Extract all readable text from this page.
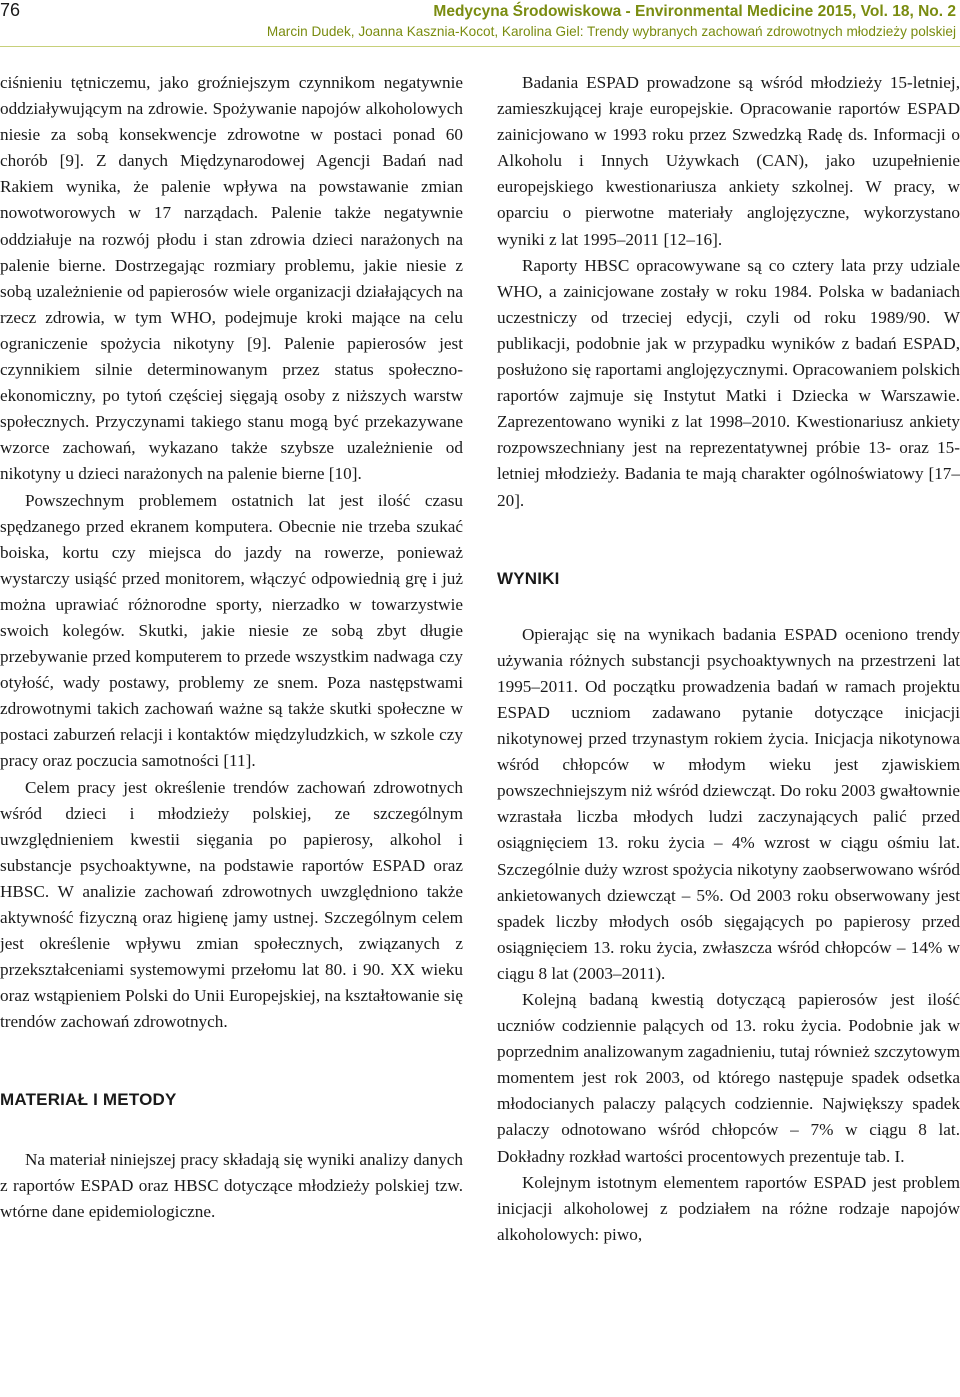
76	Medycyna Środowiskowa - Environmental Medicine 2015, Vol. 18, No. 2
Marcin Dudek, Joanna Kasznia-Kocot, Karolina Giel: Trendy wybranych zachowań zdrowotnych młodzieży polskiej

ciśnieniu tętniczemu, jako groźniejszym czynnikom negatywnie oddziaływującym na zdrowie. Spożywanie napojów alkoholowych niesie za sobą konsekwencje zdrowotne w postaci ponad 60 chorób [9]. Z danych Międzynarodowej Agencji Badań nad Rakiem wynika, że palenie wpływa na powstawanie zmian nowotworowych w 17 narządach. Palenie także negatywnie oddziałuje na rozwój płodu i stan zdrowia dzieci narażonych na palenie bierne. Dostrzegając rozmiary problemu, jakie niesie z sobą uzależnienie od papierosów wiele organizacji działających na rzecz zdrowia, w tym WHO, podejmuje kroki mające na celu ograniczenie spożycia nikotyny [9]. Palenie papierosów jest czynnikiem silnie determinowanym przez status społeczno-ekonomiczny, po tytoń częściej sięgają osoby z niższych warstw społecznych. Przyczynami takiego stanu mogą być przekazywane wzorce zachowań, wykazano także szybsze uzależnienie od nikotyny u dzieci narażonych na palenie bierne [10].

Powszechnym problemem ostatnich lat jest ilość czasu spędzanego przed ekranem komputera. Obecnie nie trzeba szukać boiska, kortu czy miejsca do jazdy na rowerze, ponieważ wystarczy usiąść przed monitorem, włączyć odpowiednią grę i już można uprawiać różnorodne sporty, nierzadko w towarzystwie swoich kolegów. Skutki, jakie niesie ze sobą zbyt długie przebywanie przed komputerem to przede wszystkim nadwaga czy otyłość, wady postawy, problemy ze snem. Poza następstwami zdrowotnymi takich zachowań ważne są także skutki społeczne w postaci zaburzeń relacji i kontaktów międzyludzkich, w szkole czy pracy oraz poczucia samotności [11].

Celem pracy jest określenie trendów zachowań zdrowotnych wśród dzieci i młodzieży polskiej, ze szczególnym uwzględnieniem kwestii sięgania po papierosy, alkohol i substancje psychoaktywne, na podstawie raportów ESPAD oraz HBSC. W analizie zachowań zdrowotnych uwzględniono także aktywność fizyczną oraz higienę jamy ustnej. Szczególnym celem jest określenie wpływu zmian społecznych, związanych z przekształceniami systemowymi przełomu lat 80. i 90. XX wieku oraz wstąpieniem Polski do Unii Europejskiej, na kształtowanie się trendów zachowań zdrowotnych.

MATERIAŁ I METODY

Na materiał niniejszej pracy składają się wyniki analizy danych z raportów ESPAD oraz HBSC dotyczące młodzieży polskiej tzw. wtórne dane epidemiologiczne.

Badania ESPAD prowadzone są wśród młodzieży 15-letniej, zamieszkującej kraje europejskie. Opracowanie raportów ESPAD zainicjowano w 1993 roku przez Szwedzką Radę ds. Informacji o Alkoholu i Innych Używkach (CAN), jako uzupełnienie europejskiego kwestionariusza ankiety szkolnej. W pracy, w oparciu o pierwotne materiały anglojęzyczne, wykorzystano wyniki z lat 1995–2011 [12–16].

Raporty HBSC opracowywane są co cztery lata przy udziale WHO, a zainicjowane zostały w roku 1984. Polska w badaniach uczestniczy od trzeciej edycji, czyli od roku 1989/90. W publikacji, podobnie jak w przypadku wyników z badań ESPAD, posłużono się raportami anglojęzycznymi. Opracowaniem polskich raportów zajmuje się Instytut Matki i Dziecka w Warszawie. Zaprezentowano wyniki z lat 1998–2010. Kwestionariusz ankiety rozpowszechniany jest na reprezentatywnej próbie 13- oraz 15-letniej młodzieży. Badania te mają charakter ogólnoświatowy [17–20].

WYNIKI

Opierając się na wynikach badania ESPAD ocenionо trendy używania różnych substancji psychoaktywnych na przestrzeni lat 1995–2011. Od początku prowadzenia badań w ramach projektu ESPAD uczniom zadawano pytanie dotyczące inicjacji nikotynowej przed trzynastym rokiem życia. Inicjacja nikotynowa wśród chłopców w młodym wieku jest zjawiskiem powszechniejszym niż wśród dziewcząt. Do roku 2003 gwałtownie wzrastała liczba młodych ludzi zaczynających palić przed osiągnięciem 13. roku życia – 4% wzrost w ciągu ośmiu lat. Szczególnie duży wzrost spożycia nikotyny zaobserwowano wśród ankietowanych dziewcząt – 5%. Od 2003 roku obserwowany jest spadek liczby młodych osób sięgających po papierosy przed osiągnięciem 13. roku życia, zwłaszcza wśród chłopców – 14% w ciągu 8 lat (2003–2011).

Kolejną badaną kwestią dotyczącą papierosów jest ilość uczniów codziennie palących od 13. roku życia. Podobnie jak w poprzednim analizowanym zagadnieniu, tutaj również szczytowym momentem jest rok 2003, od którego następuje spadek odsetka młodocianych palaczy palących codziennie. Największy spadek palaczy odnotowano wśród chłopców – 7% w ciągu 8 lat. Dokładny rozkład wartości procentowych prezentuje tab. I.

Kolejnym istotnym elementem raportów ESPAD jest problem inicjacji alkoholowej z podziałem na różne rodzaje napojów alkoholowych: piwo,
